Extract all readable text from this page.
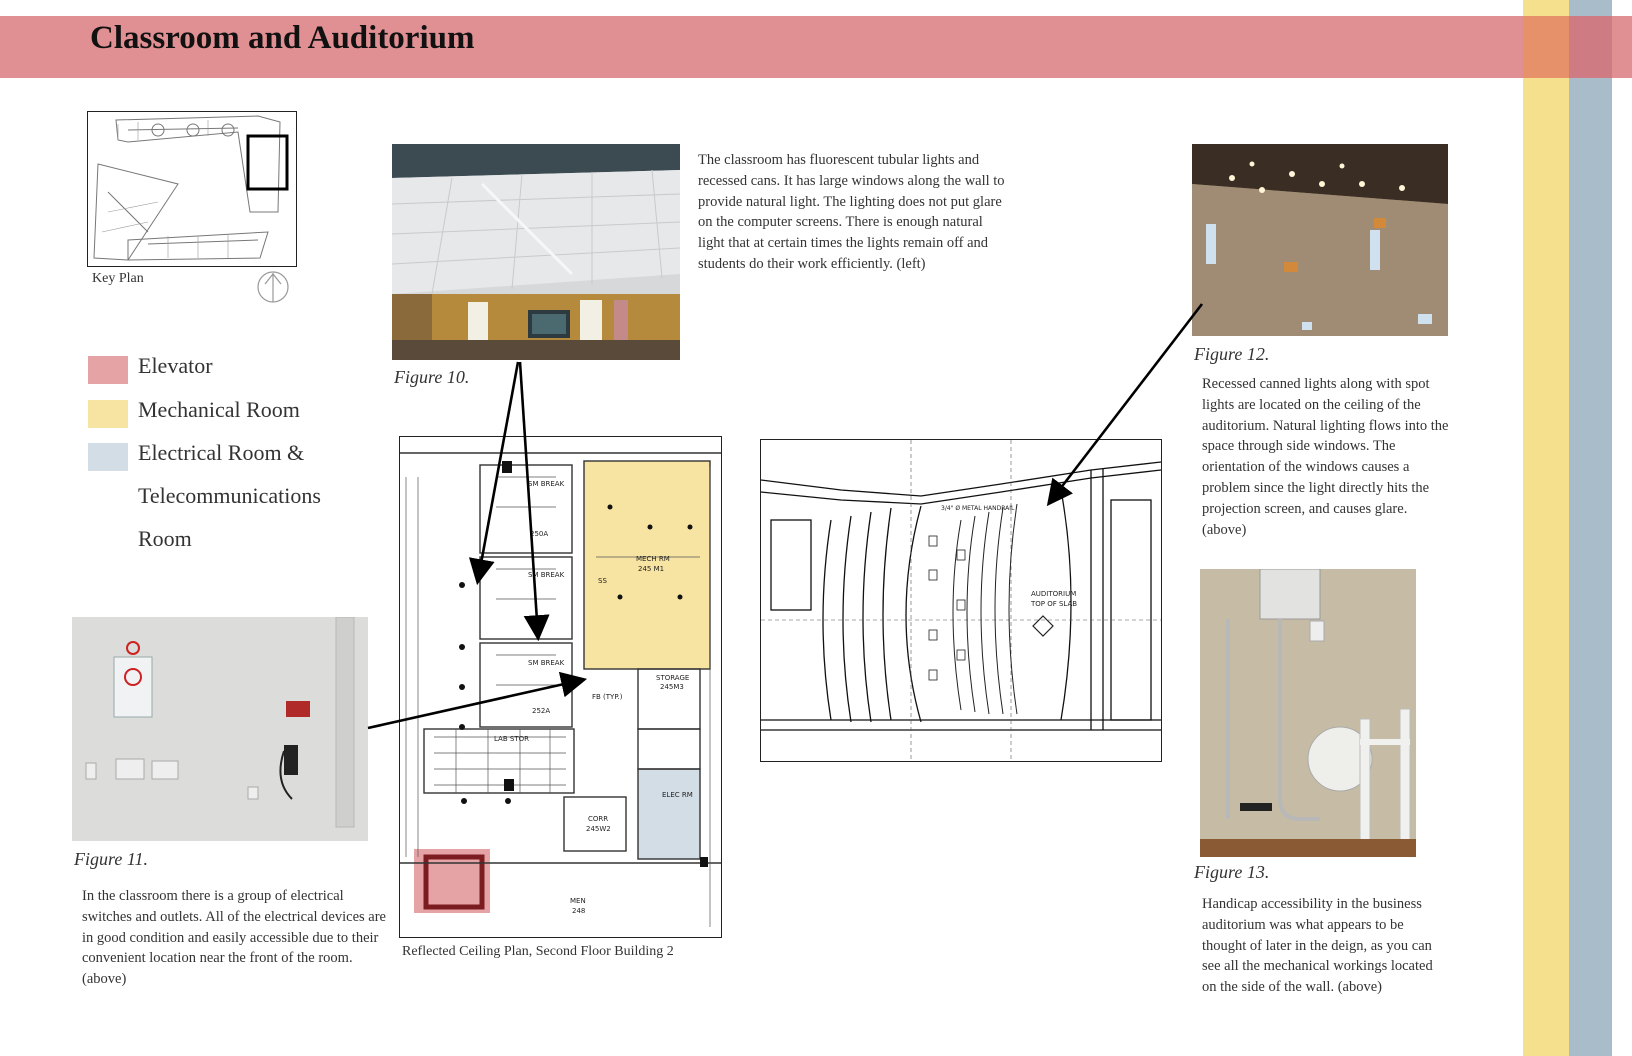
Classroom and Auditorium
Key Plan
Elevator
Mechanical Room
Electrical Room &
Telecommunications
Room
Figure 10.
The classroom has fluorescent tubular lights and recessed cans. It has large windows along the wall to provide natural light. The lighting does not put glare on the computer screens. There is enough natural light that at certain times the lights remain off and students do their work efficiently. (left)
Figure 11.
In the classroom there is a group of electrical switches and outlets. All of the electrical devices are in good condition and easily accessible due to their convenient location near the front of the room. (above)
SM BREAK
250A
SM BREAK
SM BREAK
252A
MECH RM
245 M1
SS
STORAGE
245M3
LAB STOR
FB (TYP.)
ELEC RM
CORR
245W2
MEN
248
Reflected Ceiling Plan, Second Floor Building 2
AUDITORIUM
TOP OF SLAB
3/4" Ø METAL HANDRAIL
Figure 12.
Recessed canned lights along with spot lights are located on the ceiling of the auditorium. Natural lighting flows into the space through side windows. The orientation of the windows causes a problem since the light directly hits the projection screen, and causes glare. (above)
Figure 13.
Handicap accessibility in the business auditorium was what appears to be thought of later in the deign, as you can see all the mechanical workings located on the side of the wall. (above)
